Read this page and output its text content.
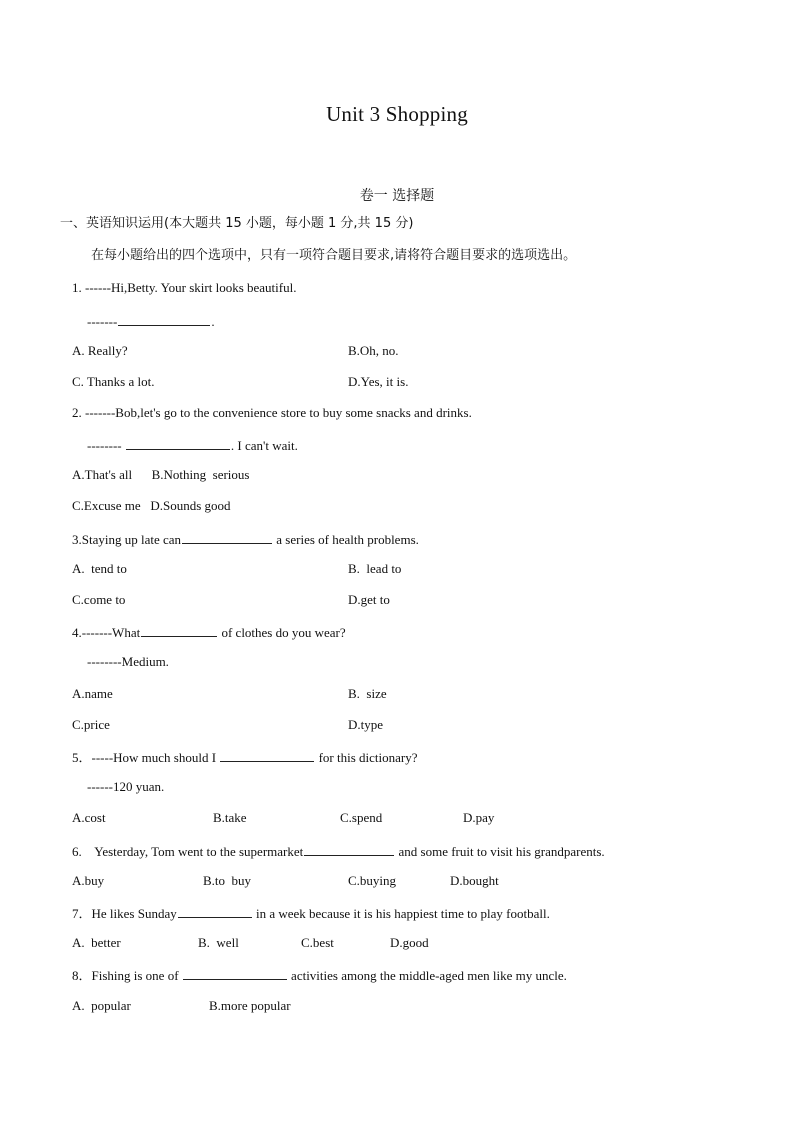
Unit 3 Shopping
卷一 选择题
一、英语知识运用(本大题共 15 小题，每小题 1 分,共 15 分)
在每小题给出的四个选项中，只有一项符合题目要求,请将符合题目要求的选项选出。
1. ------Hi,Betty. Your skirt looks beautiful.
-------	.
A. Really?	B.Oh, no.
C. Thanks a lot.	D.Yes, it is.
2. -------Bob,let's go to the convenience store to buy some snacks and drinks.
--------	. I can't wait.
A.That's all      B.Nothing  serious
C.Excuse me   D.Sounds good
3.Staying up late can	a series of health problems.
A.  tend to	B.  lead to
C.come to	D.get to
4.-------What	of clothes do you wear?
--------Medium.
A.name	B.  size
C.price	D.type
5．-----How much should I	for this dictionary?
------120 yuan.
A.cost	B.take	C.spend	D.pay
6.    Yesterday, Tom went to the supermarket	and some fruit to visit his grandparents.
A.buy	B.to  buy	C.buying	D.bought
7．He likes Sunday	in a week because it is his happiest time to play football.
A.  better	B.  well	C.best	D.good
8．Fishing is one of	activities among the middle-aged men like my uncle.
A.  popular	B.more popular
